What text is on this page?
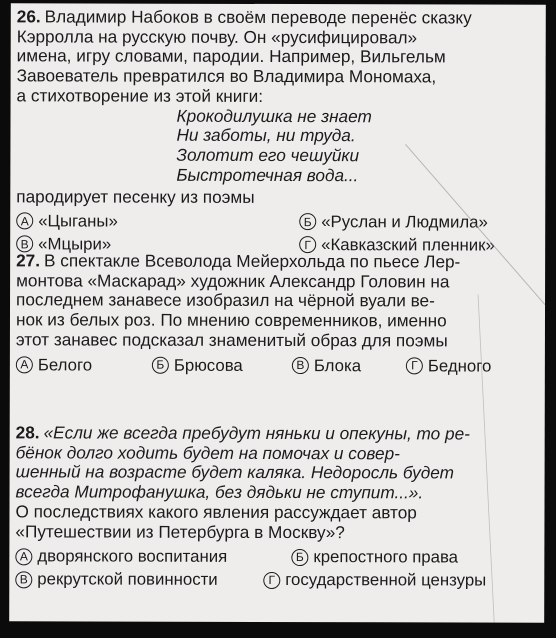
26. Владимир Набоков в своём переводе перенёс сказку
Кэрролла на русскую почву. Он «русифицировал»
имена, игру словами, пародии. Например, Вильгельм
Завоеватель превратился во Владимира Мономаха,
а стихотворение из этой книги:
Крокодилушка не знает
Ни заботы, ни труда.
Золотит его чешуйки
Быстротечная вода...
пародирует песенку из поэмы
А «Цыганы»	Б «Руслан и Людмила»
В «Мцыри»	Г «Кавказский пленник»
27. В спектакле Всеволода Мейерхольда по пьесе Лер-
монтова «Маскарад» художник Александр Головин на
последнем занавесе изобразил на чёрной вуали ве-
нок из белых роз. По мнению современников, именно
этот занавес подсказал знаменитый образ для поэмы
А Белого	Б Брюсова	В Блока	Г Бедного
28. «Если же всегда пребудут няньки и опекуны, то ре-
бёнок долго ходить будет на помочах и совер-
шенный на возрасте будет каляка. Недоросль будет
всегда Митрофанушка, без дядьки не ступит...».
О последствиях какого явления рассуждает автор
«Путешествии из Петербурга в Москву»?
А дворянского воспитания	Б крепостного права
В рекрутской повинности	Г государственной цензуры
